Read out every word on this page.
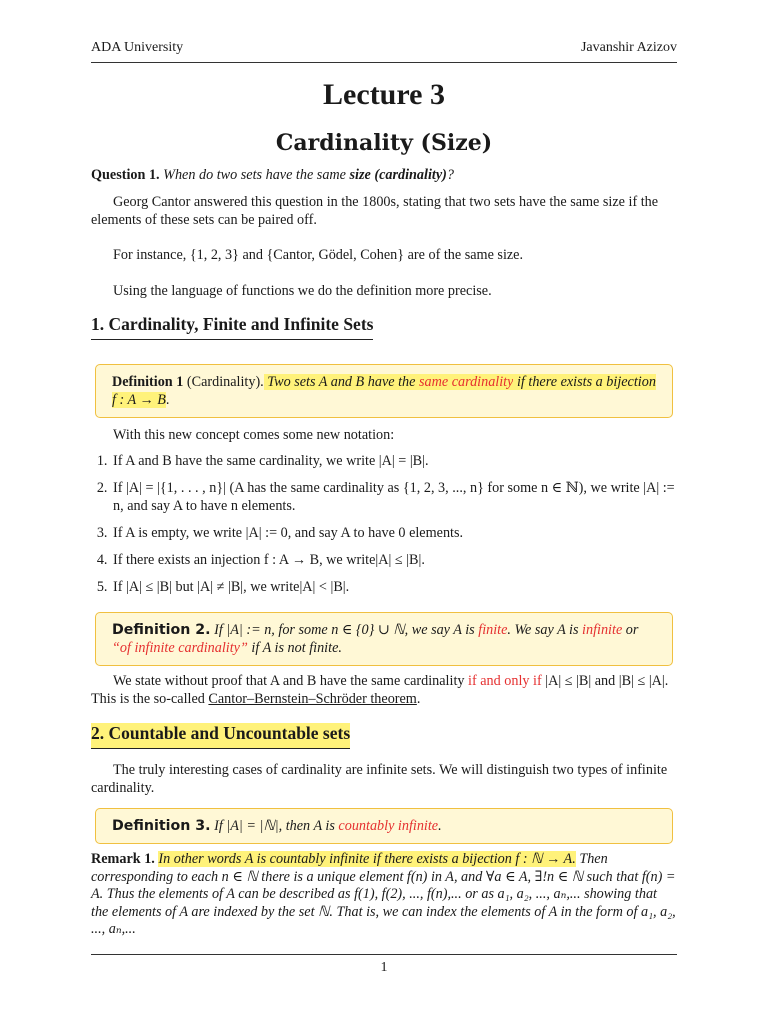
ADA University	Javanshir Azizov
Lecture 3
Cardinality (Size)
Question 1. When do two sets have the same size (cardinality)?
Georg Cantor answered this question in the 1800s, stating that two sets have the same size if the elements of these sets can be paired off.
For instance, {1, 2, 3} and {Cantor, Gödel, Cohen} are of the same size.
Using the language of functions we do the definition more precise.
1. Cardinality, Finite and Infinite Sets
Definition 1 (Cardinality). Two sets A and B have the same cardinality if there exists a bijection f : A → B.
With this new concept comes some new notation:
1. If A and B have the same cardinality, we write |A| = |B|.
2. If |A| = |{1, . . . , n}| (A has the same cardinality as {1, 2, 3, ..., n} for some n ∈ ℕ), we write |A| := n, and say A to have n elements.
3. If A is empty, we write |A| := 0, and say A to have 0 elements.
4. If there exists an injection f : A → B, we write|A| ≤ |B|.
5. If |A| ≤ |B| but |A| ≠ |B|, we write|A| < |B|.
Definition 2. If |A| := n, for some n ∈ {0} ∪ ℕ, we say A is finite. We say A is infinite or “of infinite cardinality” if A is not finite.
We state without proof that A and B have the same cardinality if and only if |A| ≤ |B| and |B| ≤ |A|. This is the so-called Cantor–Bernstein–Schröder theorem.
2. Countable and Uncountable sets
The truly interesting cases of cardinality are infinite sets. We will distinguish two types of infinite cardinality.
Definition 3. If |A| = |ℕ|, then A is countably infinite.
Remark 1. In other words A is countably infinite if there exists a bijection f : ℕ → A. Then corresponding to each n ∈ ℕ there is a unique element f(n) in A, and ∀a ∈ A, ∃!n ∈ ℕ such that f(n) = A. Thus the elements of A can be described as f(1), f(2), ..., f(n),... or as a₁, a₂, ..., aₙ,... showing that the elements of A are indexed by the set ℕ. That is, we can index the elements of A in the form of a₁, a₂, ..., aₙ,...
1
